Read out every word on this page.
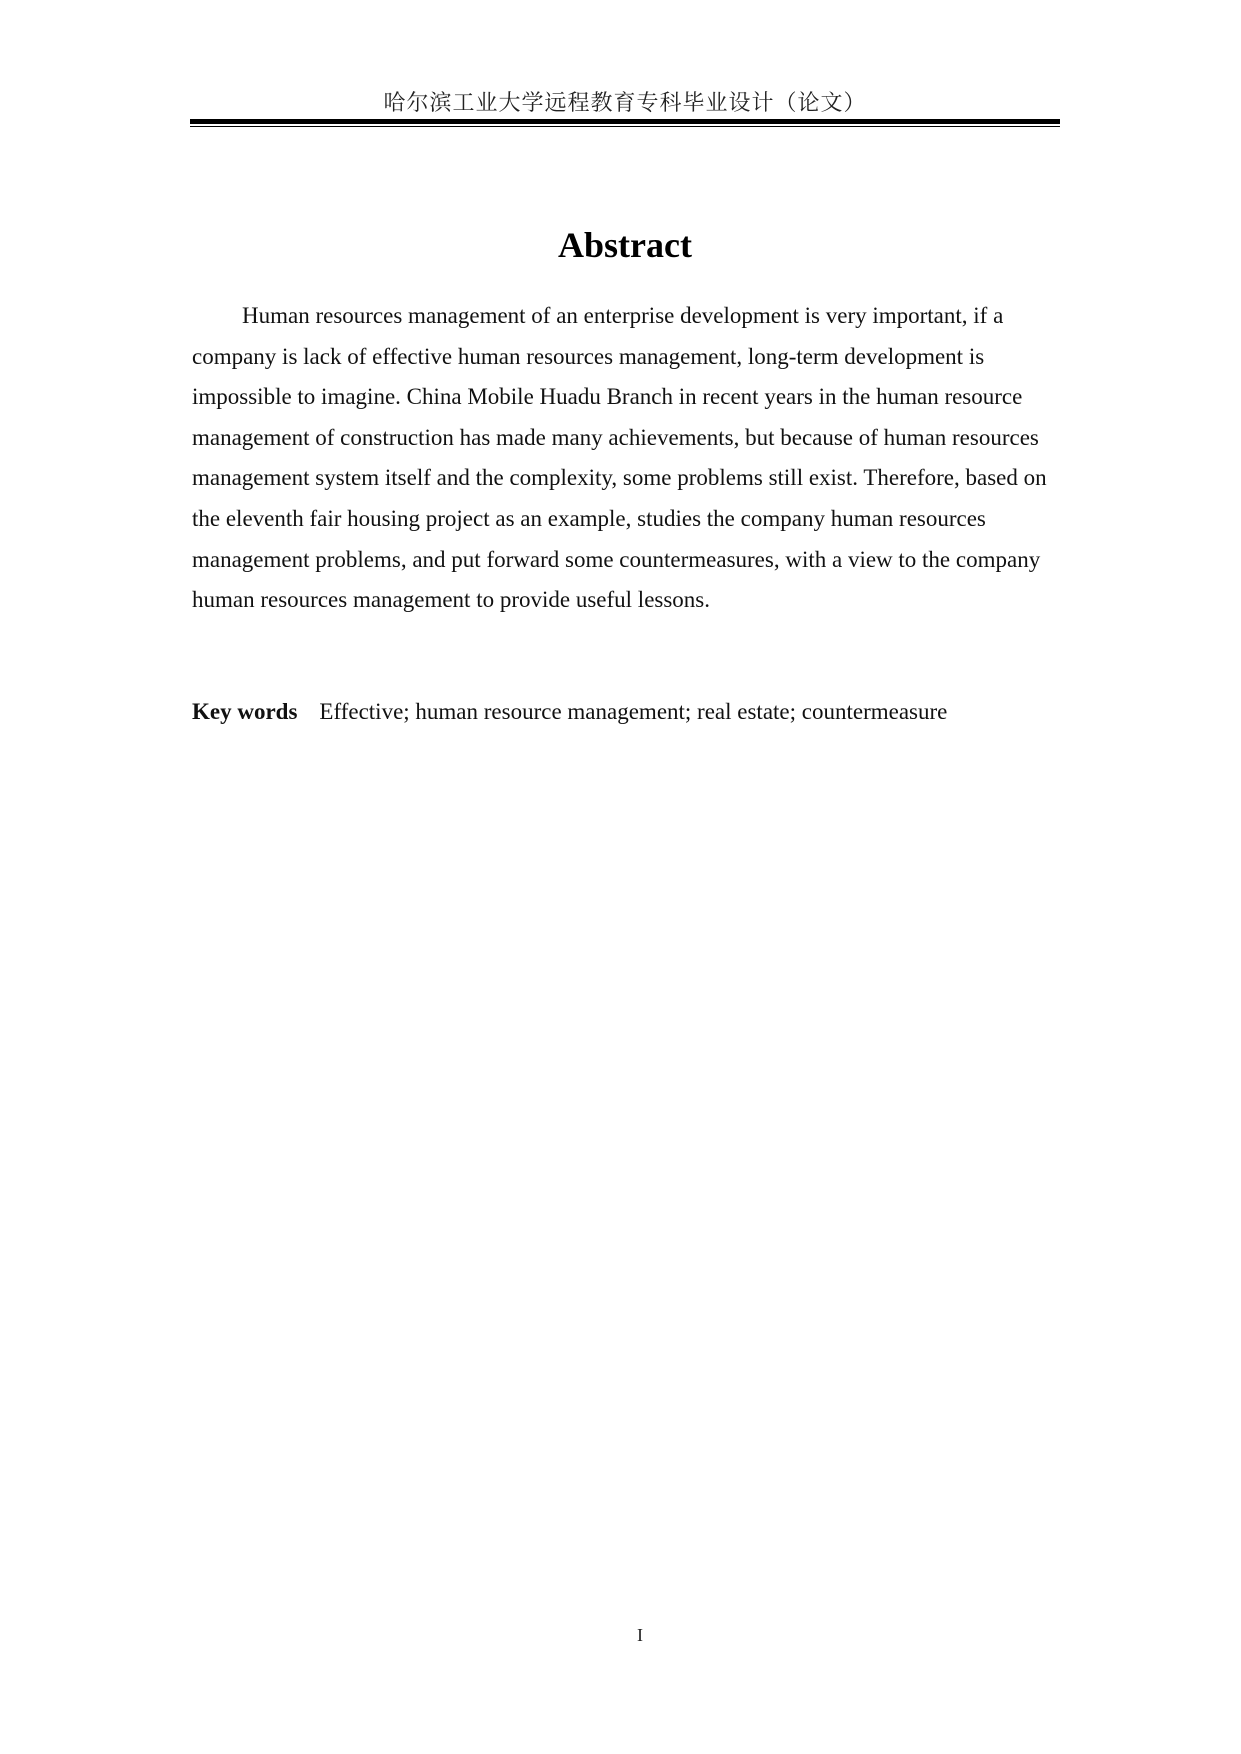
哈尔滨工业大学远程教育专科毕业设计（论文）
Abstract

Human resources management of an enterprise development is very important, if a company is lack of effective human resources management, long-term development is impossible to imagine. China Mobile Huadu Branch in recent years in the human resource management of construction has made many achievements, but because of human resources management system itself and the complexity, some problems still exist. Therefore, based on the eleventh fair housing project as an example, studies the company human resources management problems, and put forward some countermeasures, with a view to the company human resources management to provide useful lessons.

Key words Effective; human resource management; real estate; countermeasure

I
